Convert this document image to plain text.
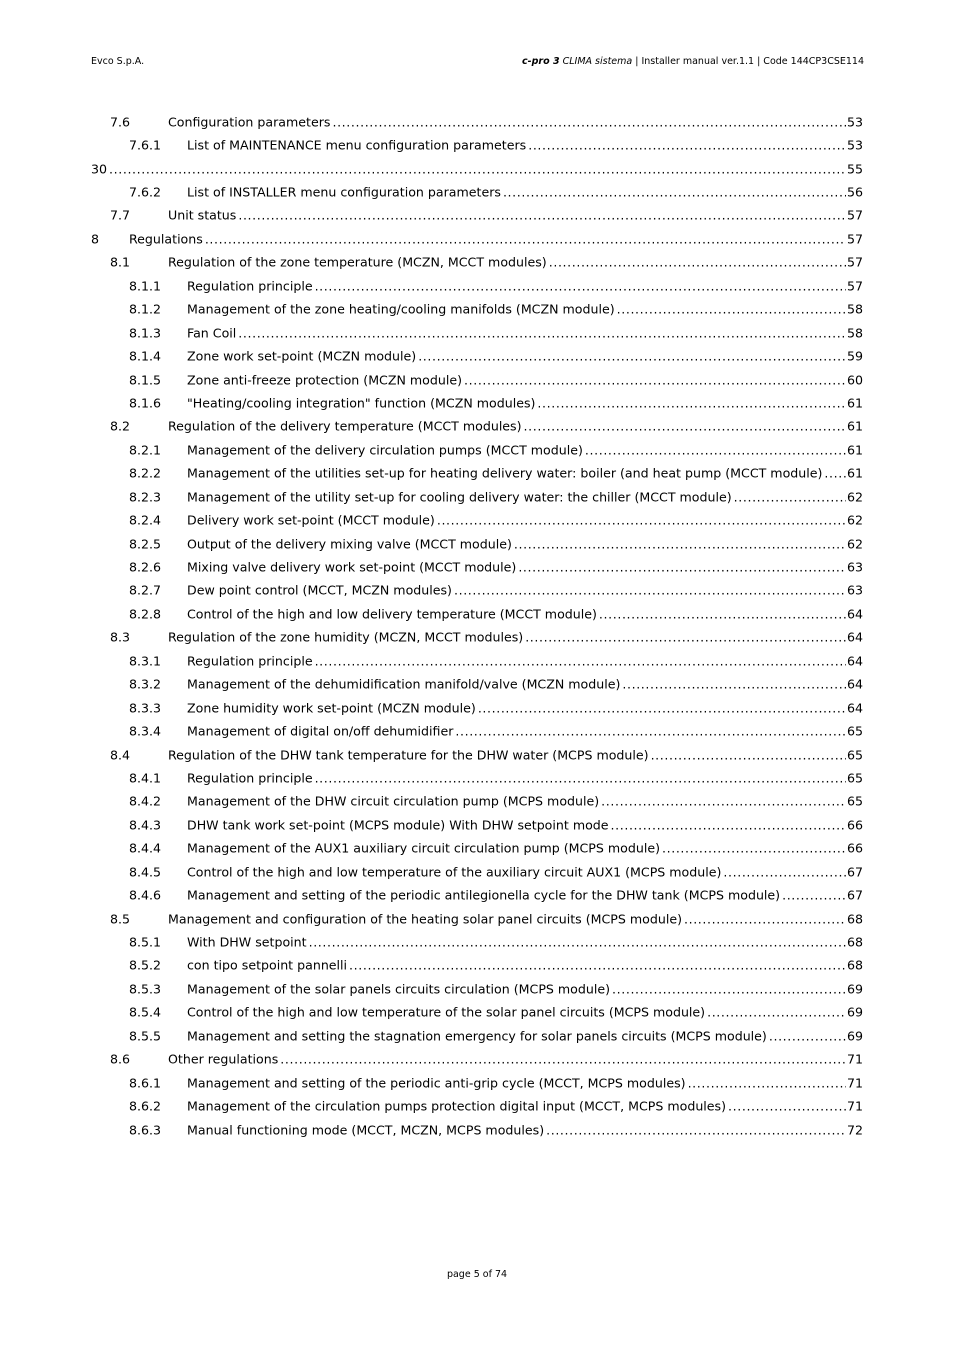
Evco S.p.A.	c-pro 3 CLIMA sistema | Installer manual ver.1.1 | Code 144CP3CSE114
7.6	Configuration parameters .....	53
7.6.1 List of MAINTENANCE menu configuration parameters .....	53
30 .....	55
7.6.2 List of INSTALLER menu configuration parameters .....	56
7.7	Unit status .....	57
8 Regulations .....	57
8.1	Regulation of the zone temperature (MCZN, MCCT modules) .....	57
8.1.1 Regulation principle .....	57
8.1.2 Management of the zone heating/cooling manifolds (MCZN module) .....	58
8.1.3 Fan Coil .....	58
8.1.4 Zone work set-point (MCZN module) .....	59
8.1.5 Zone anti-freeze protection (MCZN module) .....	60
8.1.6 "Heating/cooling integration" function (MCZN modules) .....	61
8.2	Regulation of the delivery temperature (MCCT modules) .....	61
8.2.1 Management of the delivery circulation pumps (MCCT module) .....	61
8.2.2 Management of the utilities set-up for heating delivery water: boiler (and heat pump (MCCT module) ..... 61
8.2.3 Management of the utility set-up for cooling delivery water: the chiller (MCCT module) .....	62
8.2.4 Delivery work set-point (MCCT module) .....	62
8.2.5 Output of the delivery mixing valve (MCCT module) .....	62
8.2.6 Mixing valve delivery work set-point (MCCT module) .....	63
8.2.7 Dew point control (MCCT, MCZN modules) .....	63
8.2.8 Control of the high and low delivery temperature (MCCT module) .....	64
8.3	Regulation of the zone humidity (MCZN, MCCT modules) .....	64
8.3.1 Regulation principle .....	64
8.3.2 Management of the dehumidification manifold/valve (MCZN module) .....	64
8.3.3 Zone humidity work set-point (MCZN module) .....	64
8.3.4 Management of digital on/off dehumidifier .....	65
8.4	Regulation of the DHW tank temperature for the DHW water (MCPS module) .....	65
8.4.1 Regulation principle .....	65
8.4.2 Management of the DHW circuit circulation pump (MCPS module) .....	65
8.4.3 DHW tank work set-point (MCPS module) With DHW setpoint mode .....	66
8.4.4 Management of the AUX1 auxiliary circuit circulation pump (MCPS module) .....	66
8.4.5 Control of the high and low temperature of the auxiliary circuit AUX1 (MCPS module) .....	67
8.4.6 Management and setting of the periodic antilegionella cycle for the DHW tank (MCPS module) .....	67
8.5	Management and configuration of the heating solar panel circuits (MCPS module) .....	68
8.5.1 With DHW setpoint .....	68
8.5.2 con tipo setpoint pannelli .....	68
8.5.3 Management of the solar panels circuits circulation (MCPS module) .....	69
8.5.4 Control of the high and low temperature of the solar panel circuits (MCPS module) .....	69
8.5.5 Management and setting the stagnation emergency for solar panels circuits (MCPS module) .....	69
8.6	Other regulations .....	71
8.6.1 Management and setting of the periodic anti-grip cycle (MCCT, MCPS modules) .....	71
8.6.2 Management of the circulation pumps protection digital input (MCCT, MCPS modules) .....	71
8.6.3 Manual functioning mode (MCCT, MCZN, MCPS modules) .....	72
page 5 of 74
